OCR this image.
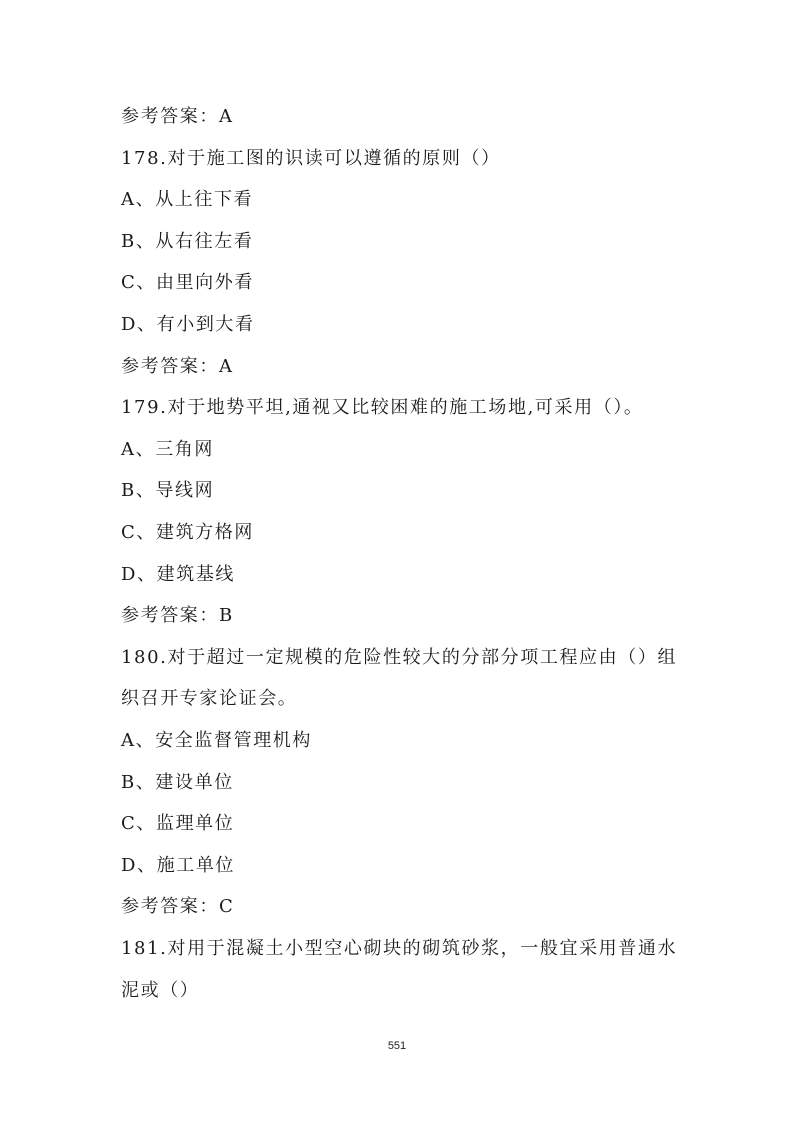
参考答案：A
178.对于施工图的识读可以遵循的原则（）
A、从上往下看
B、从右往左看
C、由里向外看
D、有小到大看
参考答案：A
179.对于地势平坦,通视又比较困难的施工场地,可采用（）。
A、三角网
B、导线网
C、建筑方格网
D、建筑基线
参考答案：B
180.对于超过一定规模的危险性较大的分部分项工程应由（）组
织召开专家论证会。
A、安全监督管理机构
B、建设单位
C、监理单位
D、施工单位
参考答案：C
181.对用于混凝土小型空心砌块的砌筑砂浆，一般宜采用普通水
泥或（）
551
